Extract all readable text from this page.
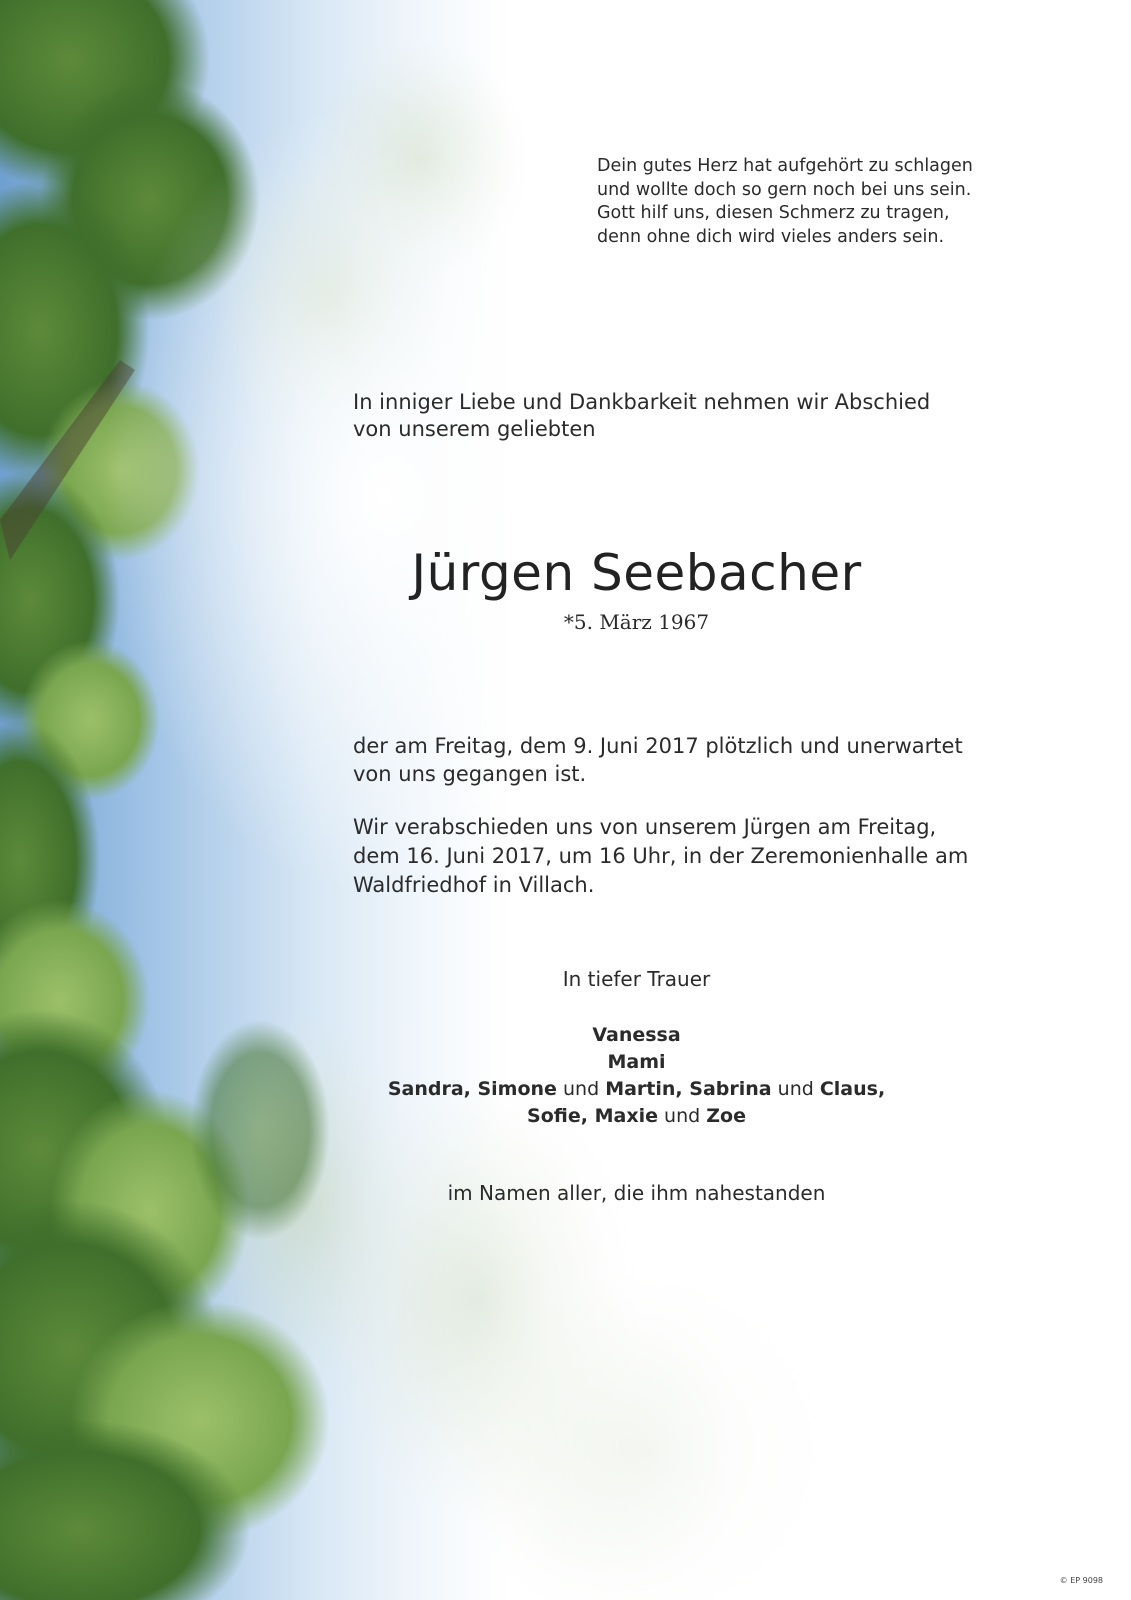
Dein gutes Herz hat aufgehört zu schlagen
und wollte doch so gern noch bei uns sein.
Gott hilf uns, diesen Schmerz zu tragen,
denn ohne dich wird vieles anders sein.

In inniger Liebe und Dankbarkeit nehmen wir Abschied
von unserem geliebten

Jürgen Seebacher

*5. März 1967

der am Freitag, dem 9. Juni 2017 plötzlich und unerwartet
von uns gegangen ist.

Wir verabschieden uns von unserem Jürgen am Freitag,
dem 16. Juni 2017, um 16 Uhr, in der Zeremonienhalle am
Waldfriedhof in Villach.

In tiefer Trauer

Vanessa
Mami
Sandra, Simone und Martin, Sabrina und Claus,
Sofie, Maxie und Zoe

im Namen aller, die ihm nahestanden

© EP 9098
